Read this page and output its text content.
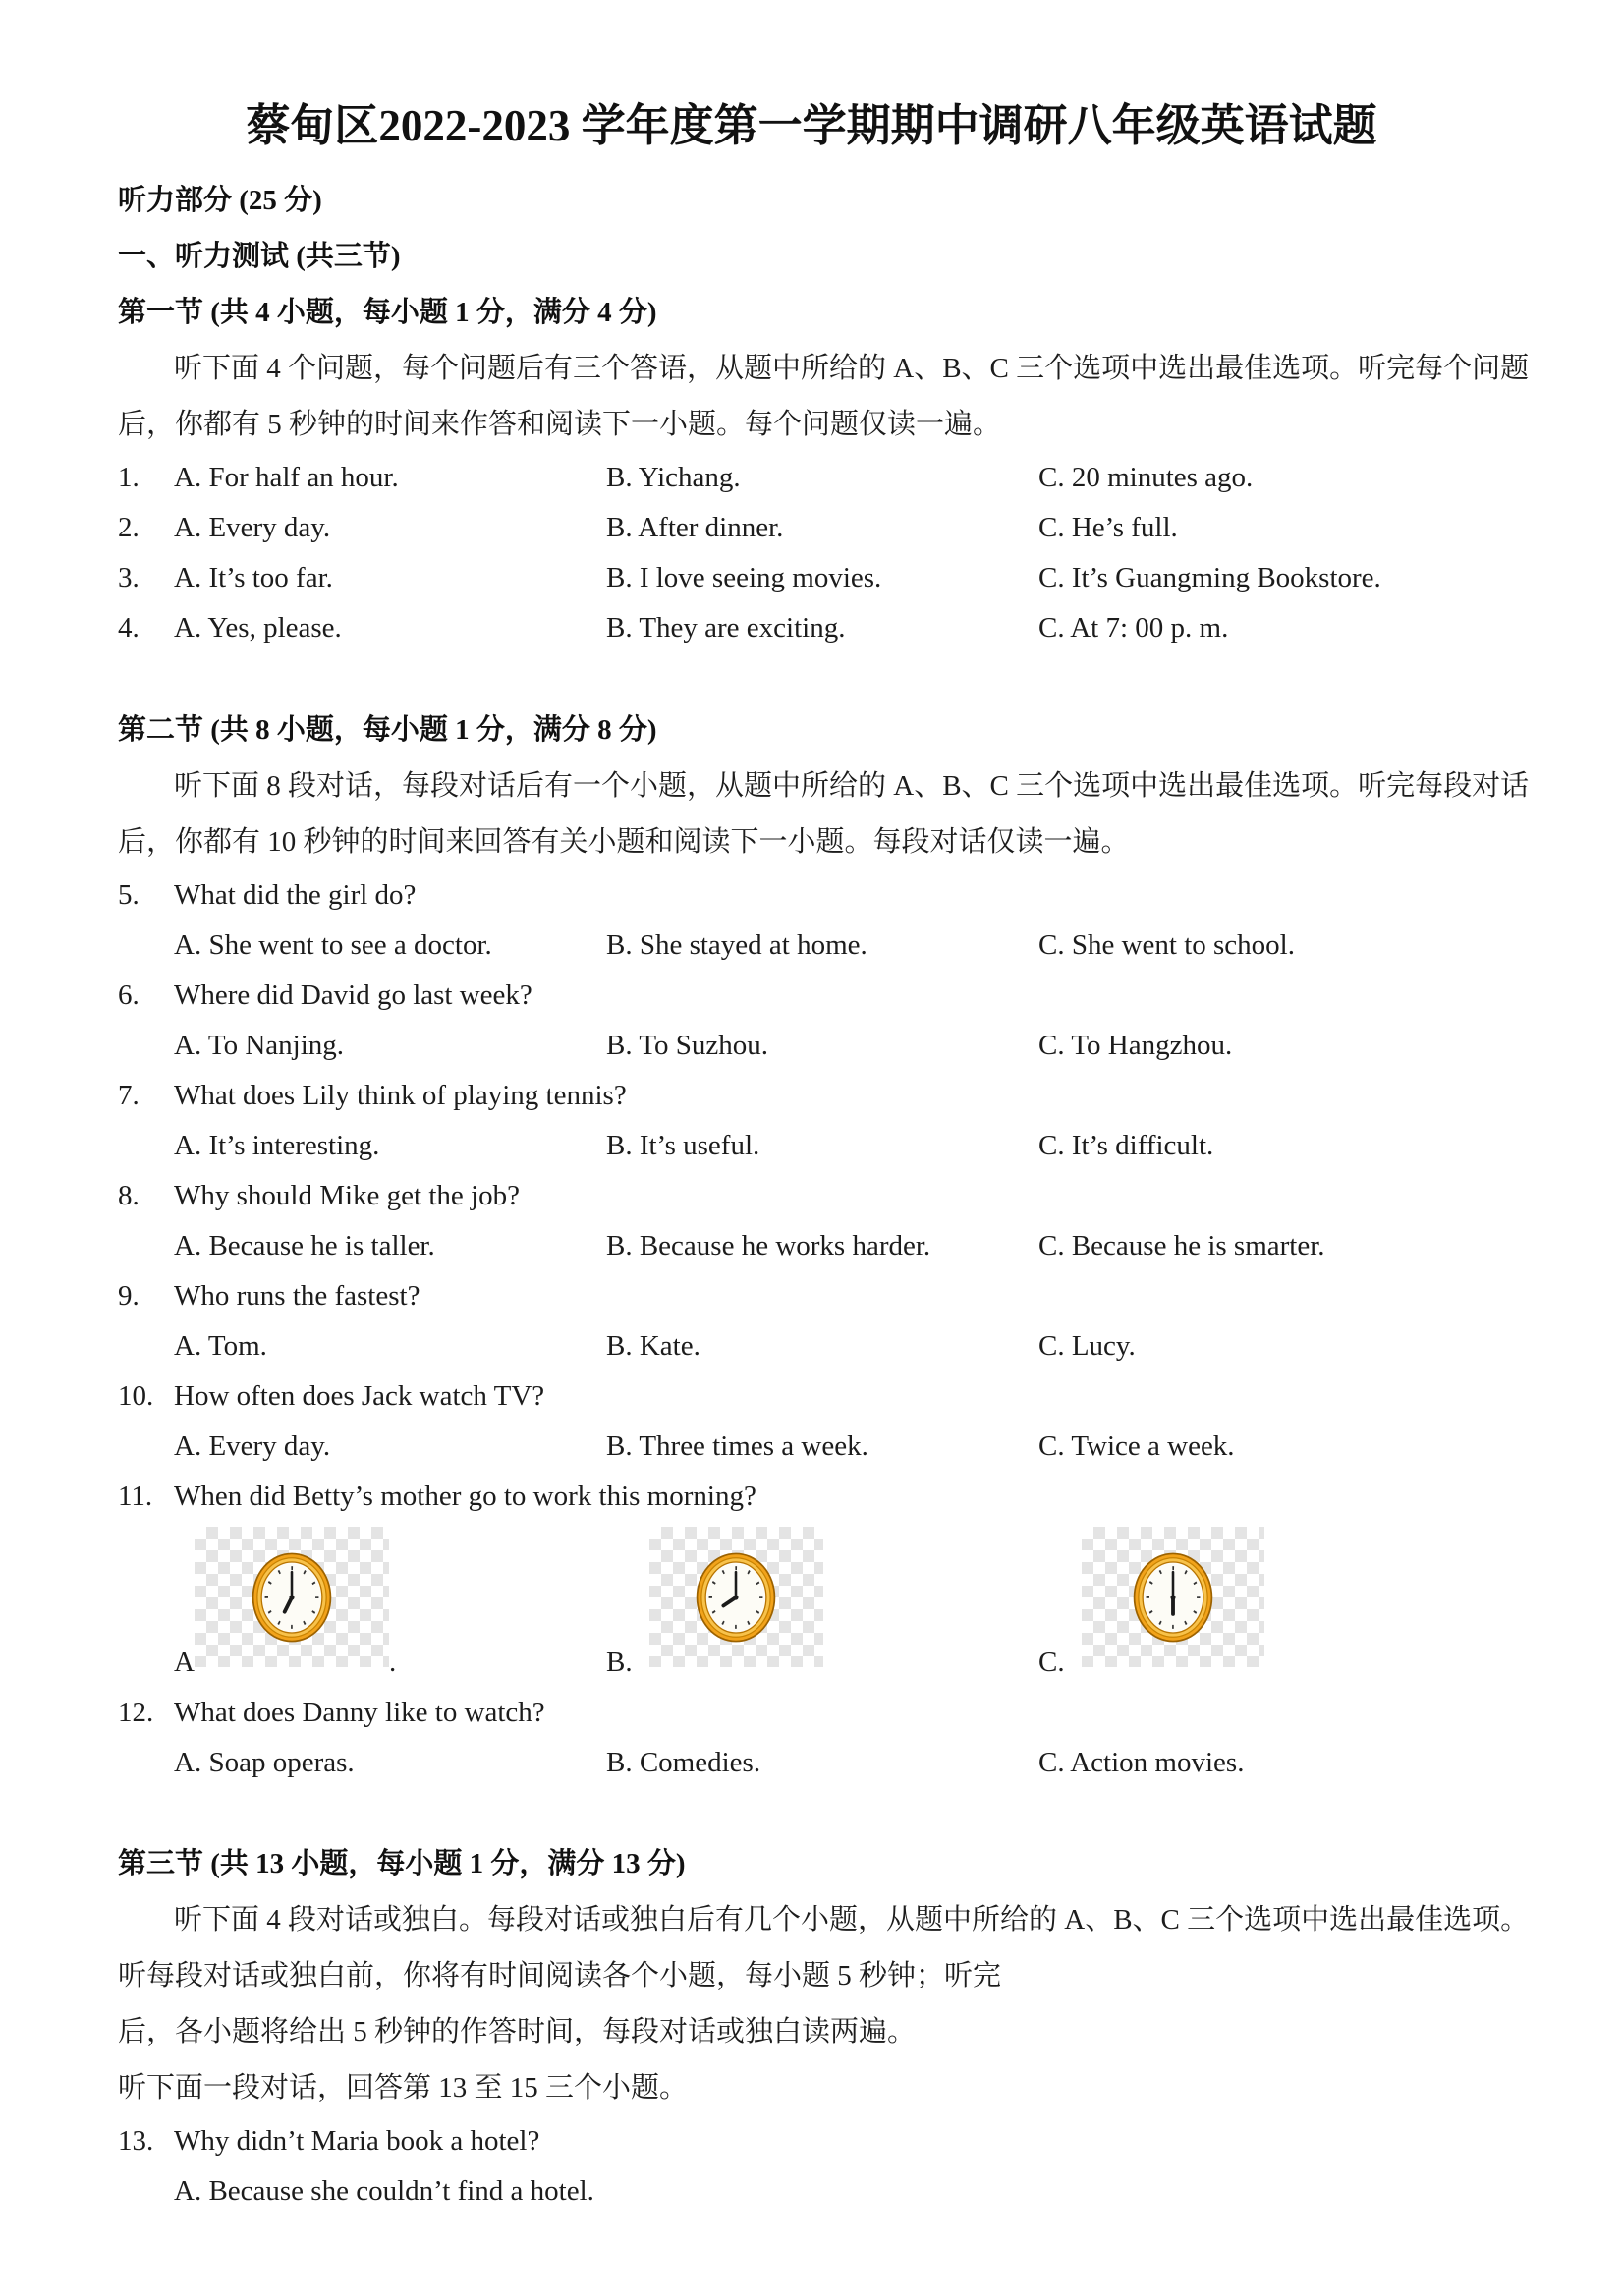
蔡甸区2022-2023 学年度第一学期期中调研八年级英语试题
听力部分 (25 分)
一、听力测试 (共三节)
第一节 (共 4 小题，每小题 1 分，满分 4 分)
听下面 4 个问题，每个问题后有三个答语，从题中所给的 A、B、C 三个选项中选出最佳选项。听完每个问题
后，你都有 5 秒钟的时间来作答和阅读下一小题。每个问题仅读一遍。
1.	A. For half an hour.	B. Yichang.	C. 20 minutes ago.
2.	A. Every day.	B. After dinner.	C. He’s full.
3.	A. It’s too far.	B. I love seeing movies.	C. It’s Guangming Bookstore.
4.	A. Yes, please.	B. They are exciting.	C. At 7: 00 p. m.
第二节 (共 8 小题，每小题 1 分，满分 8 分)
听下面 8 段对话，每段对话后有一个小题，从题中所给的 A、B、C 三个选项中选出最佳选项。听完每段对话
后，你都有 10 秒钟的时间来回答有关小题和阅读下一小题。每段对话仅读一遍。
5.	What did the girl do?
A. She went to see a doctor.	B. She stayed at home.	C. She went to school.
6.	Where did David go last week?
A. To Nanjing.	B. To Suzhou.	C. To Hangzhou.
7.	What does Lily think of playing tennis?
A. It’s interesting.	B. It’s useful.	C. It’s difficult.
8.	Why should Mike get the job?
A. Because he is taller.	B. Because he works harder.	C. Because he is smarter.
9.	Who runs the fastest?
A. Tom.	B. Kate.	C. Lucy.
10. How often does Jack watch TV?
A. Every day.	B. Three times a week.	C. Twice a week.
11. When did Betty’s mother go to work this morning?
A	.	B.	C.
12. What does Danny like to watch?
A. Soap operas.	B. Comedies.	C. Action movies.
第三节 (共 13 小题，每小题 1 分，满分 13 分)
听下面 4 段对话或独白。每段对话或独白后有几个小题，从题中所给的 A、B、C 三个选项中选出最佳选项。
听每段对话或独白前，你将有时间阅读各个小题，每小题 5 秒钟；听完
后，各小题将给出 5 秒钟的作答时间，每段对话或独白读两遍。
听下面一段对话，回答第 13 至 15 三个小题。
13. Why didn’t Maria book a hotel?
A. Because she couldn’t find a hotel.
